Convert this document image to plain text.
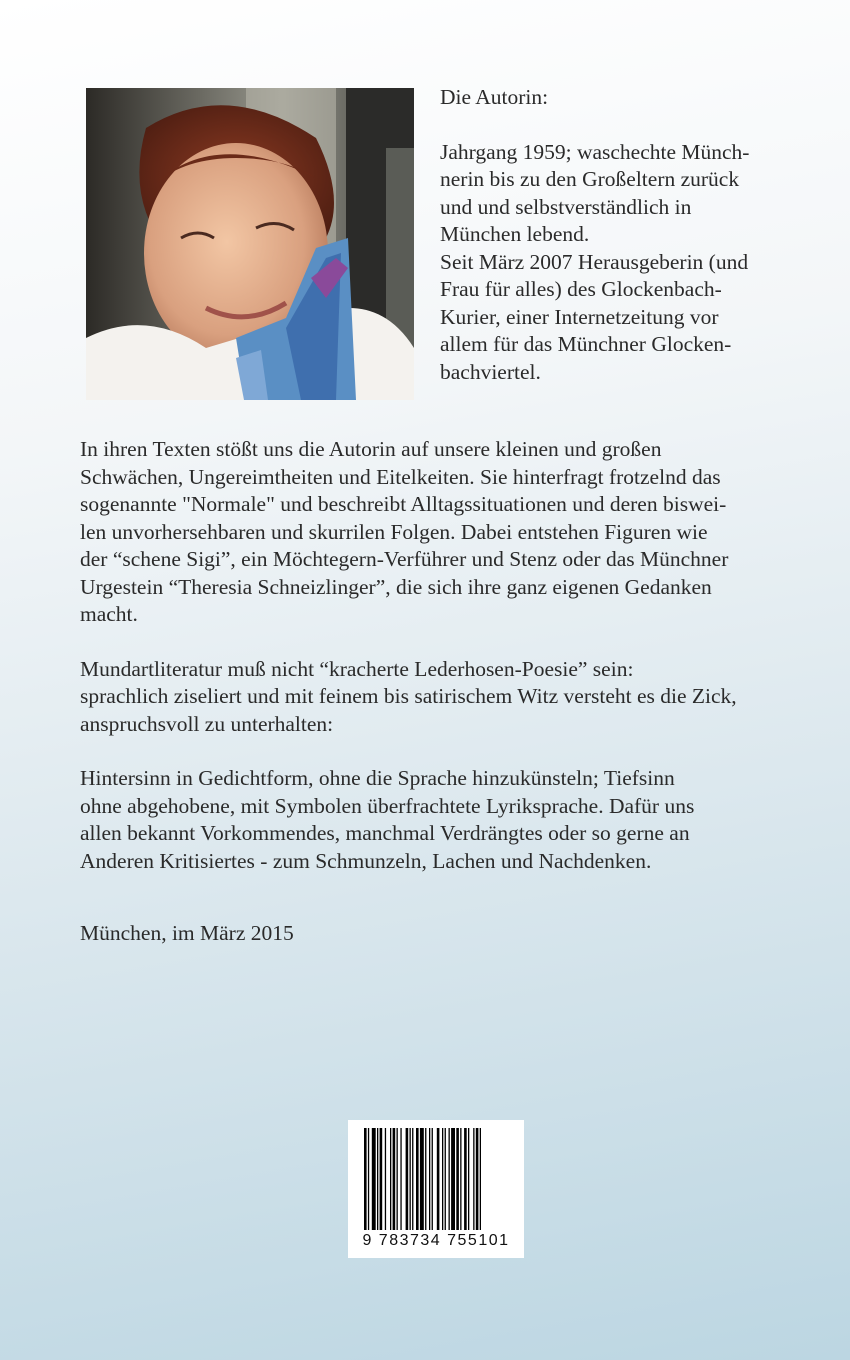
Die Autorin:

Jahrgang 1959; waschechte Münch-
nerin bis zu den Großeltern zurück
und und selbstverständlich in
München lebend.
Seit März 2007 Herausgeberin (und
Frau für alles) des Glockenbach-
Kurier, einer Internetzeitung vor
allem für das Münchner Glocken-
bachviertel.

In ihren Texten stößt uns die Autorin auf unsere kleinen und großen
Schwächen, Ungereimtheiten und Eitelkeiten. Sie hinterfragt frotzelnd das
sogenannte "Normale" und beschreibt Alltagssituationen und deren biswei-
len unvorhersehbaren und skurrilen Folgen. Dabei entstehen Figuren wie
der “schene Sigi”, ein Möchtegern-Verführer und Stenz oder das Münchner
Urgestein “Theresia Schneizlinger”, die sich ihre ganz eigenen Gedanken
macht.

Mundartliteratur muß nicht “kracherte Lederhosen-Poesie” sein:
sprachlich ziseliert und mit feinem bis satirischem Witz versteht es die Zick,
anspruchsvoll zu unterhalten:

Hintersinn in Gedichtform, ohne die Sprache hinzukünsteln; Tiefsinn
ohne abgehobene, mit Symbolen überfrachtete Lyriksprache. Dafür uns
allen bekannt Vorkommendes, manchmal Verdrängtes oder so gerne an
Anderen Kritisiertes - zum Schmunzeln, Lachen und Nachdenken.

München, im März 2015

9 783734 755101
